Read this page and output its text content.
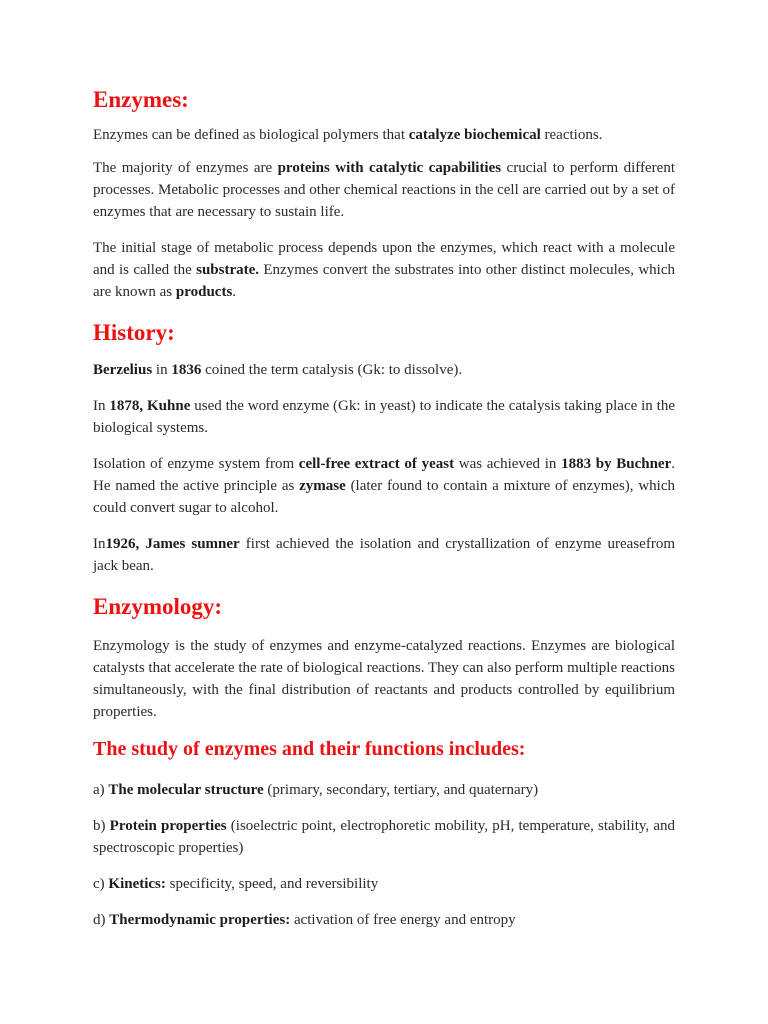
Enzymes:

Enzymes can be defined as biological polymers that catalyze biochemical reactions.

The majority of enzymes are proteins with catalytic capabilities crucial to perform different processes. Metabolic processes and other chemical reactions in the cell are carried out by a set of enzymes that are necessary to sustain life.

The initial stage of metabolic process depends upon the enzymes, which react with a molecule and is called the substrate. Enzymes convert the substrates into other distinct molecules, which are known as products.

History:

Berzelius in 1836 coined the term catalysis (Gk: to dissolve).

In 1878, Kuhne used the word enzyme (Gk: in yeast) to indicate the catalysis taking place in the biological systems.

Isolation of enzyme system from cell-free extract of yeast was achieved in 1883 by Buchner. He named the active principle as zymase (later found to contain a mixture of enzymes), which could convert sugar to alcohol.

In1926, James sumner first achieved the isolation and crystallization of enzyme ureasefrom jack bean.

Enzymology:

Enzymology is the study of enzymes and enzyme-catalyzed reactions. Enzymes are biological catalysts that accelerate the rate of biological reactions. They can also perform multiple reactions simultaneously, with the final distribution of reactants and products controlled by equilibrium properties.

The study of enzymes and their functions includes:

a) The molecular structure (primary, secondary, tertiary, and quaternary)

b) Protein properties (isoelectric point, electrophoretic mobility, pH, temperature, stability, and spectroscopic properties)

c) Kinetics: specificity, speed, and reversibility

d) Thermodynamic properties: activation of free energy and entropy
